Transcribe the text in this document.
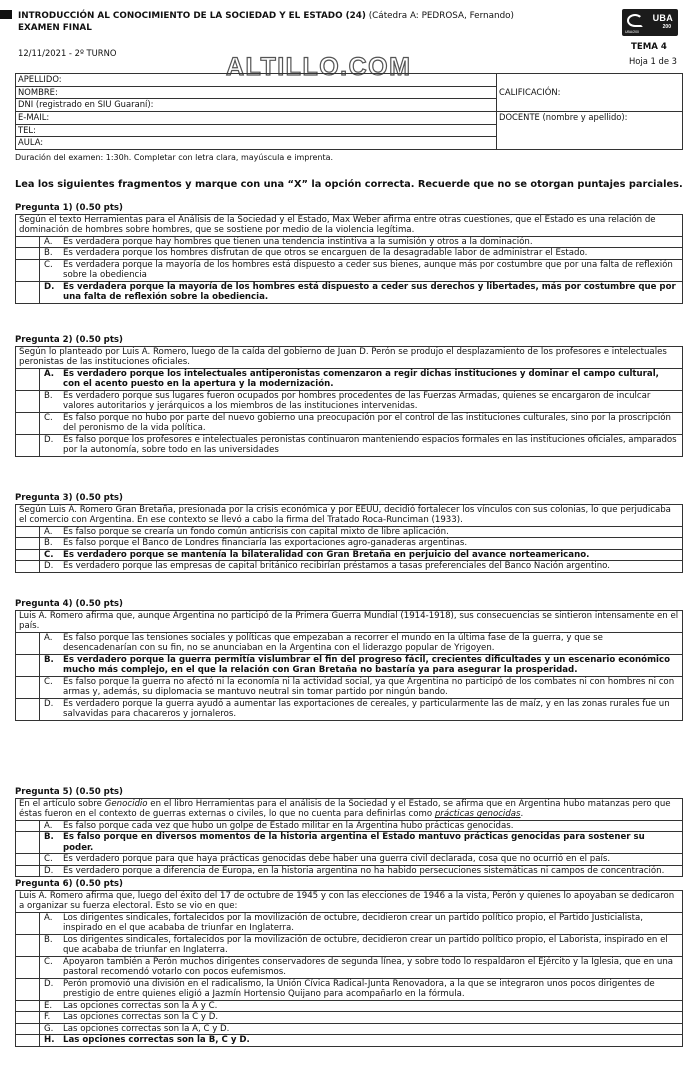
INTRODUCCIÓN AL CONOCIMIENTO DE LA SOCIEDAD Y EL ESTADO (24) (Cátedra A: PEDROSA, Fernando)
EXAMEN FINAL
12/11/2021 - 2º TURNO	ALTILLO.COM
UBA
200
UBA/200
TEMA 4
Hoja 1 de 3
APELLIDO:	CALIFICACIÓN:
NOMBRE:	
DNI (registrado en SIU Guaraní):	
E-MAIL:	DOCENTE (nombre y apellido):
TEL:	
AULA:	
Duración del examen: 1:30h. Completar con letra clara, mayúscula e imprenta.
Lea los siguientes fragmentos y marque con una “X” la opción correcta. Recuerde que no se otorgan puntajes parciales.
Pregunta 1) (0.50 pts)
Según el texto Herramientas para el Análisis de la Sociedad y el Estado, Max Weber afirma entre otras cuestiones, que el Estado es una relación de dominación de hombres sobre hombres, que se sostiene por medio de la violencia legítima.
A.	Es verdadera porque hay hombres que tienen una tendencia instintiva a la sumisión y otros a la dominación.
B.	Es verdadera porque los hombres disfrutan de que otros se encarguen de la desagradable labor de administrar el Estado.
C.	Es verdadera porque la mayoría de los hombres está dispuesto a ceder sus bienes, aunque más por costumbre que por una falta de reflexión sobre la obediencia
D. Es verdadera porque la mayoría de los hombres está dispuesto a ceder sus derechos y libertades, más por costumbre que por una falta de reflexión sobre la obediencia.
Pregunta 2) (0.50 pts)
Según lo planteado por Luis A. Romero, luego de la caída del gobierno de Juan D. Perón se produjo el desplazamiento de los profesores e intelectuales peronistas de las instituciones oficiales.
A.	Es verdadero porque los intelectuales antiperonistas comenzaron a regir dichas instituciones y dominar el campo cultural, con el acento puesto en la apertura y la modernización.
B.	Es verdadero porque sus lugares fueron ocupados por hombres procedentes de las Fuerzas Armadas, quienes se encargaron de inculcar valores autoritarios y jerárquicos a los miembros de las instituciones intervenidas.
C.	Es falso porque no hubo por parte del nuevo gobierno una preocupación por el control de las instituciones culturales, sino por la proscripción del peronismo de la vida política.
D.	Es falso porque los profesores e intelectuales peronistas continuaron manteniendo espacios formales en las instituciones oficiales, amparados por la autonomía, sobre todo en las universidades
Pregunta 3) (0.50 pts)
Según Luis A. Romero Gran Bretaña, presionada por la crisis económica y por EEUU, decidió fortalecer los vínculos con sus colonias, lo que perjudicaba el comercio con Argentina. En ese contexto se llevó a cabo la firma del Tratado Roca-Runciman (1933).
A.	Es falso porque se crearía un fondo común anticrisis con capital mixto de libre aplicación.
B.	Es falso porque el Banco de Londres financiaría las exportaciones agro-ganaderas argentinas.
C.	Es verdadero porque se mantenía la bilateralidad con Gran Bretaña en perjuicio del avance norteamericano.
D.	Es verdadero porque las empresas de capital británico recibirían préstamos a tasas preferenciales del Banco Nación argentino.
Pregunta 4) (0.50 pts)
Luis A. Romero afirma que, aunque Argentina no participó de la Primera Guerra Mundial (1914-1918), sus consecuencias se sintieron intensamente en el país.
A.	Es falso porque las tensiones sociales y políticas que empezaban a recorrer el mundo en la última fase de la guerra, y que se desencadenarían con su fin, no se anunciaban en la Argentina con el liderazgo popular de Yrigoyen.
B.	Es verdadero porque la guerra permitía vislumbrar el fin del progreso fácil, crecientes dificultades y un escenario económico mucho más complejo, en el que la relación con Gran Bretaña no bastaría ya para asegurar la prosperidad.
C.	Es falso porque la guerra no afectó ni la economía ni la actividad social, ya que Argentina no participó de los combates ni con hombres ni con armas y, además, su diplomacia se mantuvo neutral sin tomar partido por ningún bando.
D.	Es verdadero porque la guerra ayudó a aumentar las exportaciones de cereales, y particularmente las de maíz, y en las zonas rurales fue un salvavidas para chacareros y jornaleros.
Pregunta 5) (0.50 pts)
En el artículo sobre Genocidio en el libro Herramientas para el análisis de la Sociedad y el Estado, se afirma que en Argentina hubo matanzas pero que éstas fueron en el contexto de guerras externas o civiles, lo que no cuenta para definirlas como prácticas genocidas.
A.	Es falso porque cada vez que hubo un golpe de Estado militar en la Argentina hubo prácticas genocidas.
B.	Es falso porque en diversos momentos de la historia argentina el Estado mantuvo prácticas genocidas para sostener su poder.
C.	Es verdadero porque para que haya prácticas genocidas debe haber una guerra civil declarada, cosa que no ocurrió en el país.
D.	Es verdadero porque a diferencia de Europa, en la historia argentina no ha habido persecuciones sistemáticas ni campos de concentración.
Pregunta 6) (0.50 pts)
Luis A. Romero afirma que, luego del éxito del 17 de octubre de 1945 y con las elecciones de 1946 a la vista, Perón y quienes lo apoyaban se dedicaron a organizar su fuerza electoral. Esto se vio en que:
A.	Los dirigentes sindicales, fortalecidos por la movilización de octubre, decidieron crear un partido político propio, el Partido Justicialista, inspirado en el que acababa de triunfar en Inglaterra.
B.	Los dirigentes sindicales, fortalecidos por la movilización de octubre, decidieron crear un partido político propio, el Laborista, inspirado en el que acababa de triunfar en Inglaterra.
C.	Apoyaron también a Perón muchos dirigentes conservadores de segunda línea, y sobre todo lo respaldaron el Ejército y la Iglesia, que en una pastoral recomendó votarlo con pocos eufemismos.
D.	Perón promovió una división en el radicalismo, la Unión Cívica Radical-Junta Renovadora, a la que se integraron unos pocos dirigentes de prestigio de entre quienes eligió a Jazmín Hortensio Quijano para acompañarlo en la fórmula.
E.	Las opciones correctas son la A y C.
F.	Las opciones correctas son la C y D.
G.	Las opciones correctas son la A, C y D.
H. Las opciones correctas son la B, C y D.
